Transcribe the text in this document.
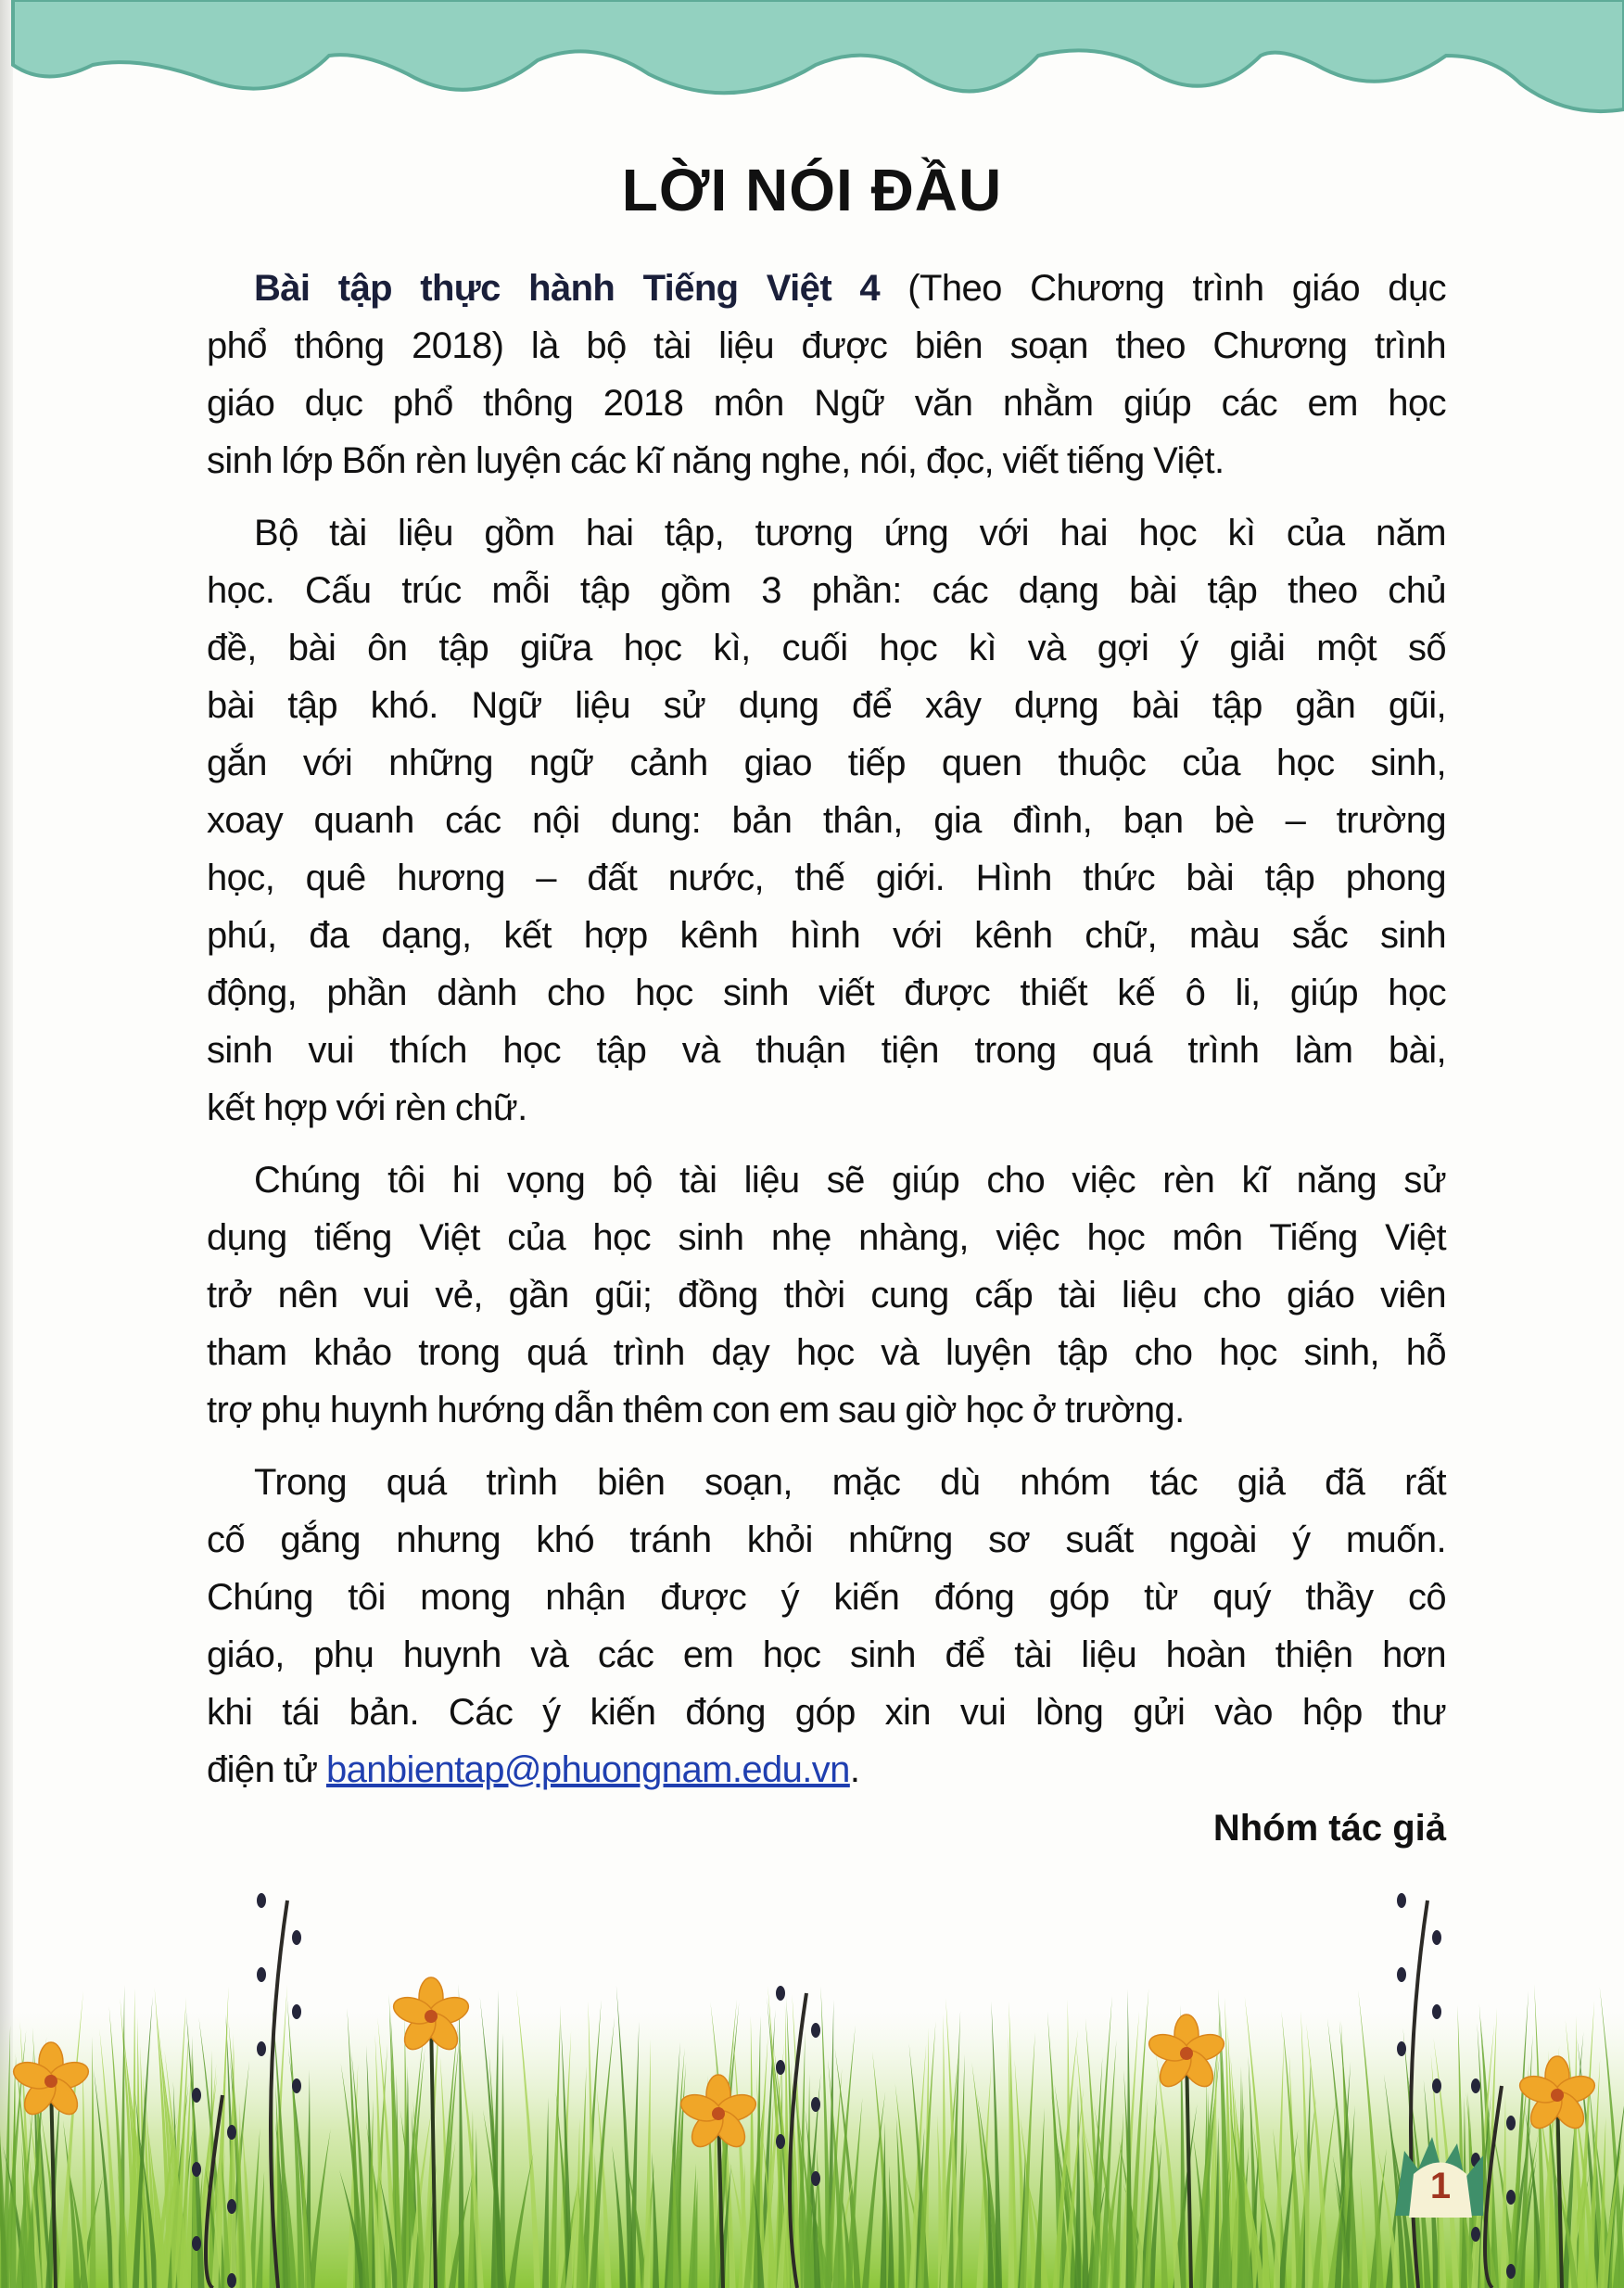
LỜI NÓI ĐẦU
Bài tập thực hành Tiếng Việt 4 (Theo Chương trình giáo dục
phổ thông 2018) là bộ tài liệu được biên soạn theo Chương trình
giáo dục phổ thông 2018 môn Ngữ văn nhằm giúp các em học
sinh lớp Bốn rèn luyện các kĩ năng nghe, nói, đọc, viết tiếng Việt.
Bộ tài liệu gồm hai tập, tương ứng với hai học kì của năm
học. Cấu trúc mỗi tập gồm 3 phần: các dạng bài tập theo chủ
đề, bài ôn tập giữa học kì, cuối học kì và gợi ý giải một số
bài tập khó. Ngữ liệu sử dụng để xây dựng bài tập gần gũi,
gắn với những ngữ cảnh giao tiếp quen thuộc của học sinh,
xoay quanh các nội dung: bản thân, gia đình, bạn bè – trường
học, quê hương – đất nước, thế giới. Hình thức bài tập phong
phú, đa dạng, kết hợp kênh hình với kênh chữ, màu sắc sinh
động, phần dành cho học sinh viết được thiết kế ô li, giúp học
sinh vui thích học tập và thuận tiện trong quá trình làm bài,
kết hợp với rèn chữ.
Chúng tôi hi vọng bộ tài liệu sẽ giúp cho việc rèn kĩ năng sử
dụng tiếng Việt của học sinh nhẹ nhàng, việc học môn Tiếng Việt
trở nên vui vẻ, gần gũi; đồng thời cung cấp tài liệu cho giáo viên
tham khảo trong quá trình dạy học và luyện tập cho học sinh, hỗ
trợ phụ huynh hướng dẫn thêm con em sau giờ học ở trường.
Trong quá trình biên soạn, mặc dù nhóm tác giả đã rất
cố gắng nhưng khó tránh khỏi những sơ suất ngoài ý muốn.
Chúng tôi mong nhận được ý kiến đóng góp từ quý thầy cô
giáo, phụ huynh và các em học sinh để tài liệu hoàn thiện hơn
khi tái bản. Các ý kiến đóng góp xin vui lòng gửi vào hộp thư
điện tử banbientap@phuongnam.edu.vn.
Nhóm tác giả
1
